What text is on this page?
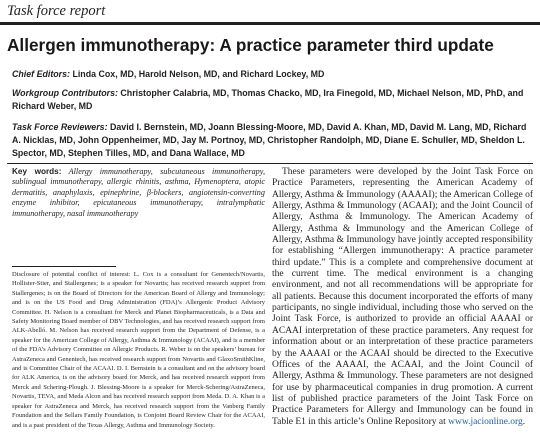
Task force report
Allergen immunotherapy: A practice parameter third update
Chief Editors: Linda Cox, MD, Harold Nelson, MD, and Richard Lockey, MD
Workgroup Contributors: Christopher Calabria, MD, Thomas Chacko, MD, Ira Finegold, MD, Michael Nelson, MD, PhD, and Richard Weber, MD
Task Force Reviewers: David I. Bernstein, MD, Joann Blessing-Moore, MD, David A. Khan, MD, David M. Lang, MD, Richard A. Nicklas, MD, John Oppenheimer, MD, Jay M. Portnoy, MD, Christopher Randolph, MD, Diane E. Schuller, MD, Sheldon L. Spector, MD, Stephen Tilles, MD, and Dana Wallace, MD
Key words: Allergy immunotherapy, subcutaneous immunotherapy, sublingual immunotherapy, allergic rhinitis, asthma, Hymenoptera, atopic dermatitis, anaphylaxis, epinephrine, β-blockers, angiotensin-converting enzyme inhibitor, epicutaneous immunotherapy, intralymphatic immunotherapy, nasal immunotherapy
Disclosure of potential conflict of interest: L. Cox is a consultant for Genentech/Novartis, Hollister-Stier, and Stallergenes; is a speaker for Novartis; has received research support from Stallergenes; is on the Board of Directors for the American Board of Allergy and Immunology; and is on the US Food and Drug Administration (FDA)’s Allergenic Product Advisory Committee. H. Nelson is a consultant for Merck and Planet Biopharmaceuticals, is a Data and Safety Monitoring Board member of DBV Technologies, and has received research support from ALK-Abelló. M. Nelson has received research support from the Department of Defense, is a speaker for the American College of Allergy, Asthma & Immunology (ACAAI), and is a member of the FDA’s Advisory Committee on Allergic Products. R. Weber is on the speakers’ bureau for AstraZeneca and Genentech, has received research support from Novartis and GlaxoSmithKline, and is Committee Chair of the ACAAI. D. I. Bernstein is a consultant and on the advisory board for ALK America, is on the advisory board for Merck, and has received research support from Merck and Schering-Plough. J. Blessing-Moore is a speaker for Merck-Schering/AstraZeneca, Novartis, TEVA, and Meda Alcon and has received research support from Meda. D. A. Khan is a speaker for AstraZeneca and Merck, has received research support from the Vanberg Family Foundation and the Sellars Family Foundation, is Conjoint Board Review Chair for the ACAAI, and is a past president of the Texas Allergy, Asthma and Immunology Society.
These parameters were developed by the Joint Task Force on Practice Parameters, representing the American Academy of Allergy, Asthma & Immunology (AAAAI); the American College of Allergy, Asthma & Immunology (ACAAI); and the Joint Council of Allergy, Asthma & Immunology. The American Academy of Allergy, Asthma & Immunology and the American College of Allergy, Asthma & Immunology have jointly accepted responsibility for establishing “Allergen immunotherapy: A practice parameter third update.” This is a complete and comprehensive document at the current time. The medical environment is a changing environment, and not all recommendations will be appropriate for all patients. Because this document incorporated the efforts of many participants, no single individual, including those who served on the Joint Task Force, is authorized to provide an official AAAAI or ACAAI interpretation of these practice parameters. Any request for information about or an interpretation of these practice parameters by the AAAAI or the ACAAI should be directed to the Executive Offices of the AAAAI, the ACAAI, and the Joint Council of Allergy, Asthma & Immunology. These parameters are not designed for use by pharmaceutical companies in drug promotion. A current list of published practice parameters of the Joint Task Force on Practice Parameters for Allergy and Immunology can be found in Table E1 in this article’s Online Repository at www.jacionline.org.
